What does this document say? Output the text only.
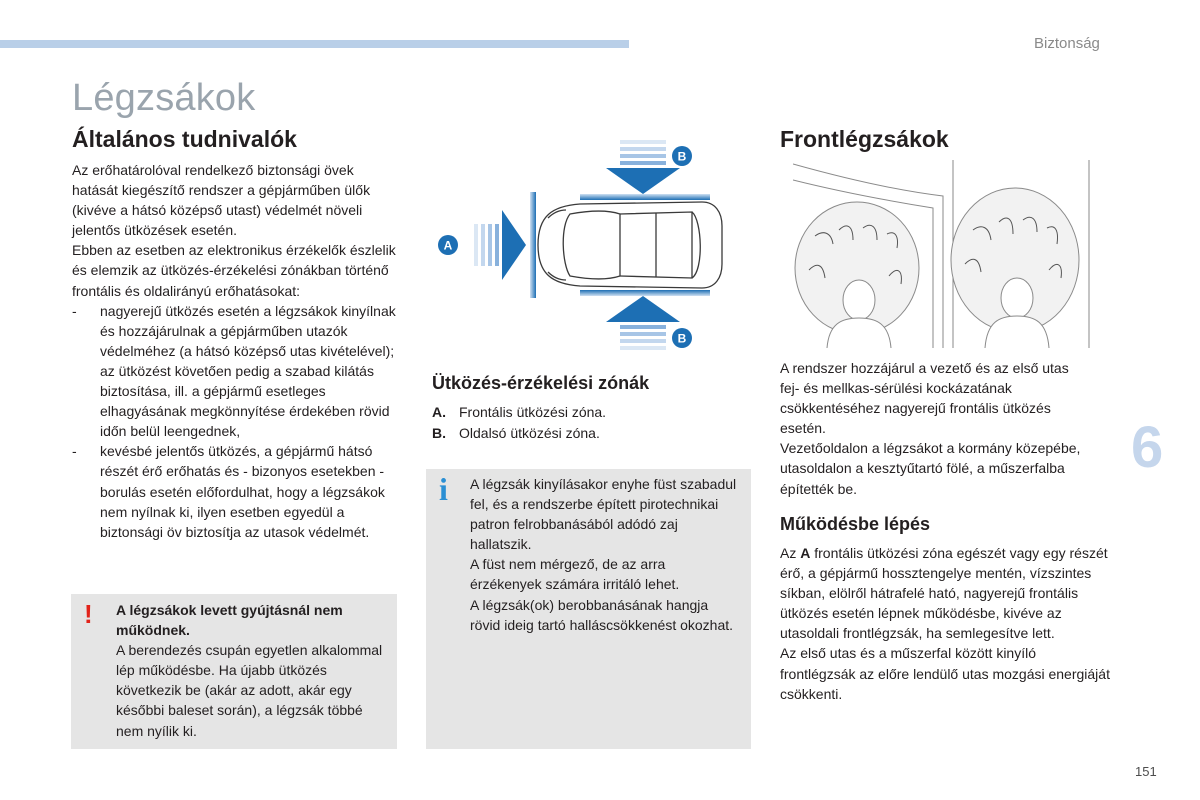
Biztonság
Légzsákok
Általános tudnivalók

Az erőhatárolóval rendelkező biztonsági övek hatását kiegészítő rendszer a gépjárműben ülők (kivéve a hátsó középső utast) védelmét növeli jelentős ütközések esetén.

Ebben az esetben az elektronikus érzékelők észlelik és elemzik az ütközés-érzékelési zónákban történő frontális és oldalirányú erőhatásokat:

- nagyerejű ütközés esetén a légzsákok kinyílnak és hozzájárulnak a gépjárműben utazók védelméhez (a hátsó középső utas kivételével); az ütközést követően pedig a szabad kilátás biztosítása, ill. a gépjármű esetleges elhagyásának megkönnyítése érdekében rövid időn belül leengednek,
- kevésbé jelentős ütközés, a gépjármű hátsó részét érő erőhatás és - bizonyos esetekben - borulás esetén előfordulhat, hogy a légzsákok nem nyílnak ki, ilyen esetben egyedül a biztonsági öv biztosítja az utasok védelmét.
! A légzsákok levett gyújtásnál nem működnek.

A berendezés csupán egyetlen alkalommal lép működésbe. Ha újabb ütközés következik be (akár az adott, akár egy későbbi baleset során), a légzsák többé nem nyílik ki.

B
B
A
Ütközés-érzékelési zónák
A. Frontális ütközési zóna.
B. Oldalsó ütközési zóna.
i A légzsák kinyílásakor enyhe füst szabadul fel, és a rendszerbe épített pirotechnikai patron felrobbanásából adódó zaj hallatszik.
A füst nem mérgező, de az arra érzékenyek számára irritáló lehet.
A légzsák(ok) berobbanásának hangja rövid ideig tartó halláscsökkenést okozhat.
Frontlégzsákok

A rendszer hozzájárul a vezető és az első utas fej- és mellkas-sérülési kockázatának csökkentéséhez nagyerejű frontális ütközés esetén.

Vezetőoldalon a légzsákot a kormány közepébe, utasoldalon a kesztyűtartó fölé, a műszerfalba építették be.

Működésbe lépés

Az A frontális ütközési zóna egészét vagy egy részét érő, a gépjármű hossztengelye mentén, vízszintes síkban, elölről hátrafelé ható, nagyerejű frontális ütközés esetén lépnek működésbe, kivéve az utasoldali frontlégzsák, ha semlegesítve lett.

Az első utas és a műszerfal között kinyíló frontlégzsák az előre lendülő utas mozgási energiáját csökkenti.

6
151
